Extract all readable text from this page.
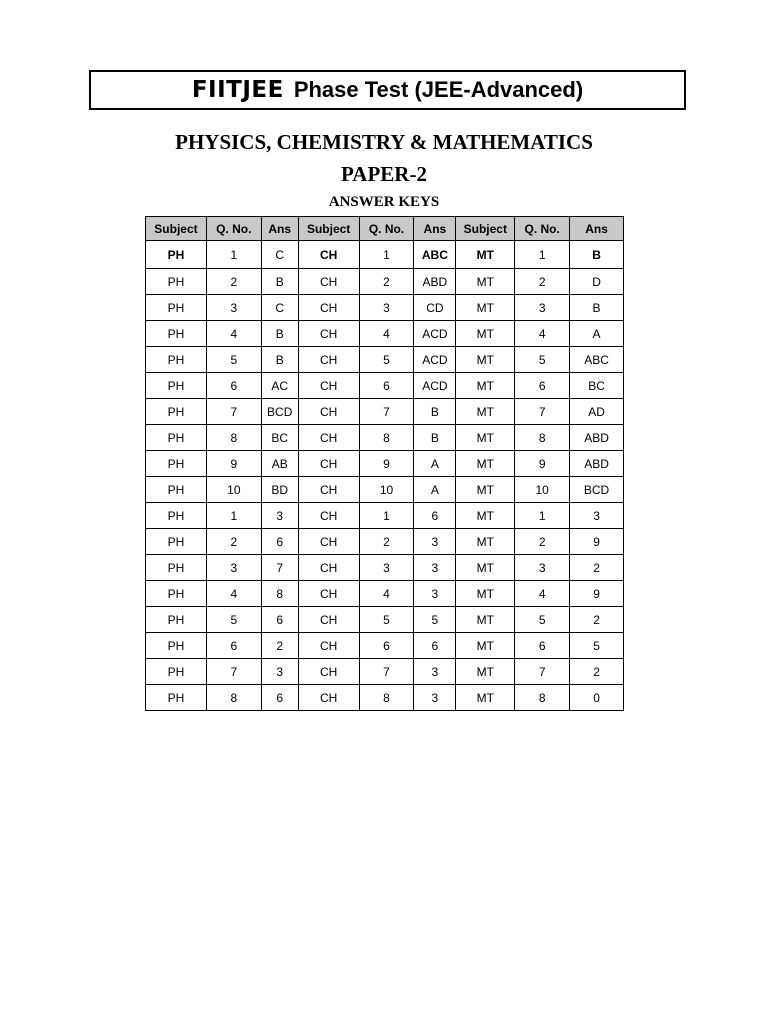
FIITJEE Phase Test (JEE-Advanced)
PHYSICS, CHEMISTRY & MATHEMATICS
PAPER-2
ANSWER KEYS
Subject	Q. No.	Ans	Subject	Q. No.	Ans	Subject	Q. No.	Ans
PH	1	C	CH	1	ABC	MT	1	B
PH	2	B	CH	2	ABD	MT	2	D
PH	3	C	CH	3	CD	MT	3	B
PH	4	B	CH	4	ACD	MT	4	A
PH	5	B	CH	5	ACD	MT	5	ABC
PH	6	AC	CH	6	ACD	MT	6	BC
PH	7	BCD	CH	7	B	MT	7	AD
PH	8	BC	CH	8	B	MT	8	ABD
PH	9	AB	CH	9	A	MT	9	ABD
PH	10	BD	CH	10	A	MT	10	BCD
PH	1	3	CH	1	6	MT	1	3
PH	2	6	CH	2	3	MT	2	9
PH	3	7	CH	3	3	MT	3	2
PH	4	8	CH	4	3	MT	4	9
PH	5	6	CH	5	5	MT	5	2
PH	6	2	CH	6	6	MT	6	5
PH	7	3	CH	7	3	MT	7	2
PH	8	6	CH	8	3	MT	8	0
